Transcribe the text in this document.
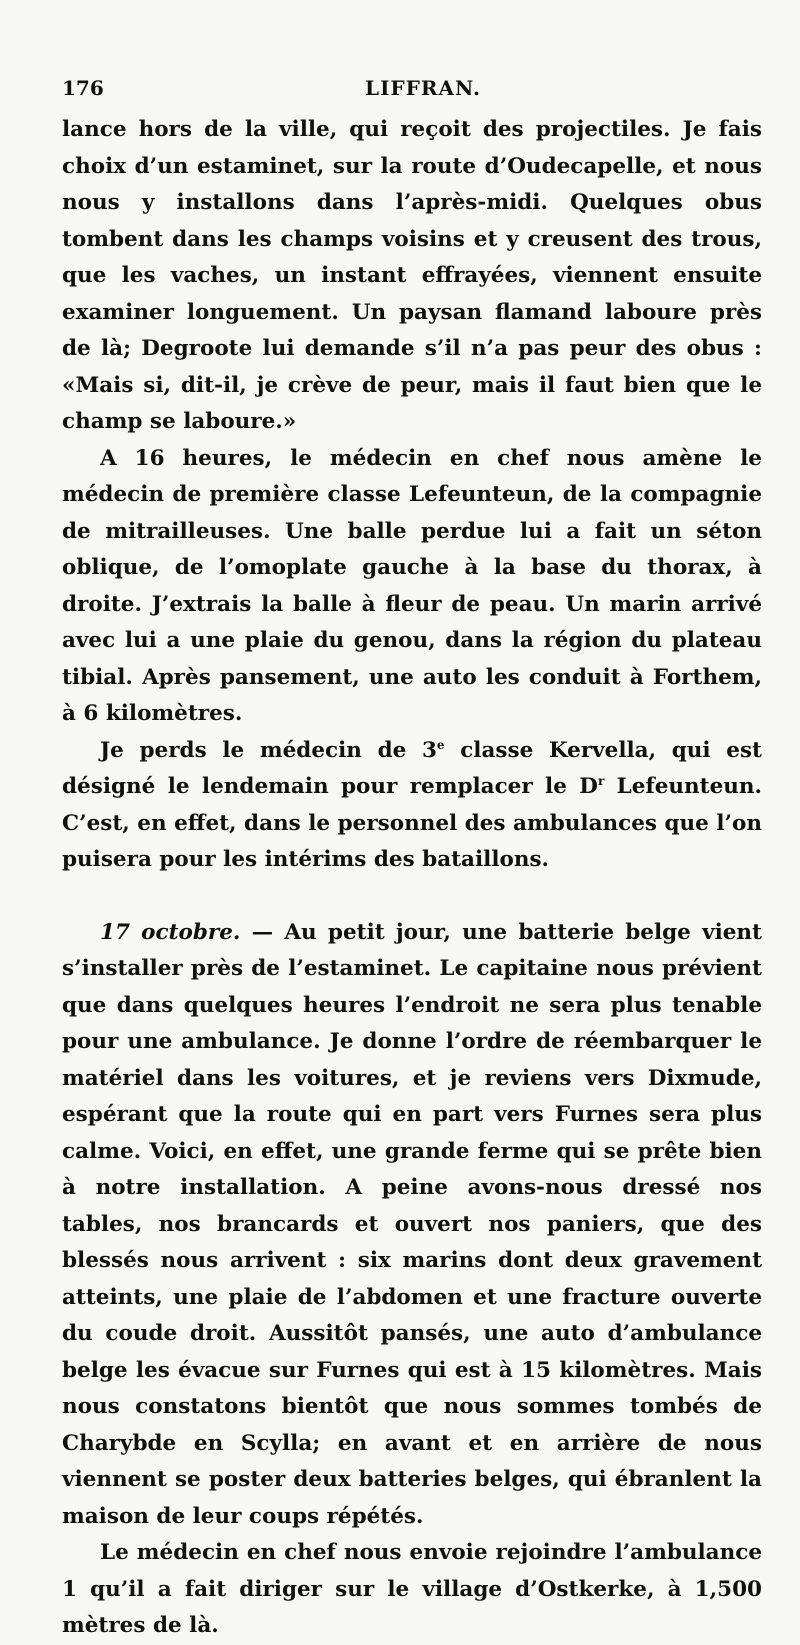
176	LIFFRAN.

lance hors de la ville, qui reçoit des projectiles. Je fais choix d’un estaminet, sur la route d’Oudecapelle, et nous nous y installons dans l’après-midi. Quelques obus tombent dans les champs voisins et y creusent des trous, que les vaches, un instant effrayées, viennent ensuite examiner longuement. Un paysan flamand laboure près de là; Degroote lui demande s’il n’a pas peur des obus : «Mais si, dit-il, je crève de peur, mais il faut bien que le champ se laboure.»

A 16 heures, le médecin en chef nous amène le médecin de première classe Lefeunteun, de la compagnie de mitrailleuses. Une balle perdue lui a fait un séton oblique, de l’omoplate gauche à la base du thorax, à droite. J’extrais la balle à fleur de peau. Un marin arrivé avec lui a une plaie du genou, dans la région du plateau tibial. Après pansement, une auto les conduit à Forthem, à 6 kilomètres.

Je perds le médecin de 3e classe Kervella, qui est désigné le lendemain pour remplacer le $D^r$ Lefeunteun. C’est, en effet, dans le personnel des ambulances que l’on puisera pour les intérims des bataillons.

17 octobre. — Au petit jour, une batterie belge vient s’installer près de l’estaminet. Le capitaine nous prévient que dans quelques heures l’endroit ne sera plus tenable pour une ambulance. Je donne l’ordre de réembarquer le matériel dans les voitures, et je reviens vers Dixmude, espérant que la route qui en part vers Furnes sera plus calme. Voici, en effet, une grande ferme qui se prête bien à notre installation. A peine avons-nous dressé nos tables, nos brancards et ouvert nos paniers, que des blessés nous arrivent : six marins dont deux gravement atteints, une plaie de l’abdomen et une fracture ouverte du coude droit. Aussitôt pansés, une auto d’ambulance belge les évacue sur Furnes qui est à 15 kilomètres. Mais nous constatons bientôt que nous sommes tombés de Charybde en Scylla; en avant et en arrière de nous viennent se poster deux batteries belges, qui ébranlent la maison de leur coups répétés.

Le médecin en chef nous envoie rejoindre l’ambulance 1 qu’il a fait diriger sur le village d’Ostkerke, à 1,500 mètres de là.
